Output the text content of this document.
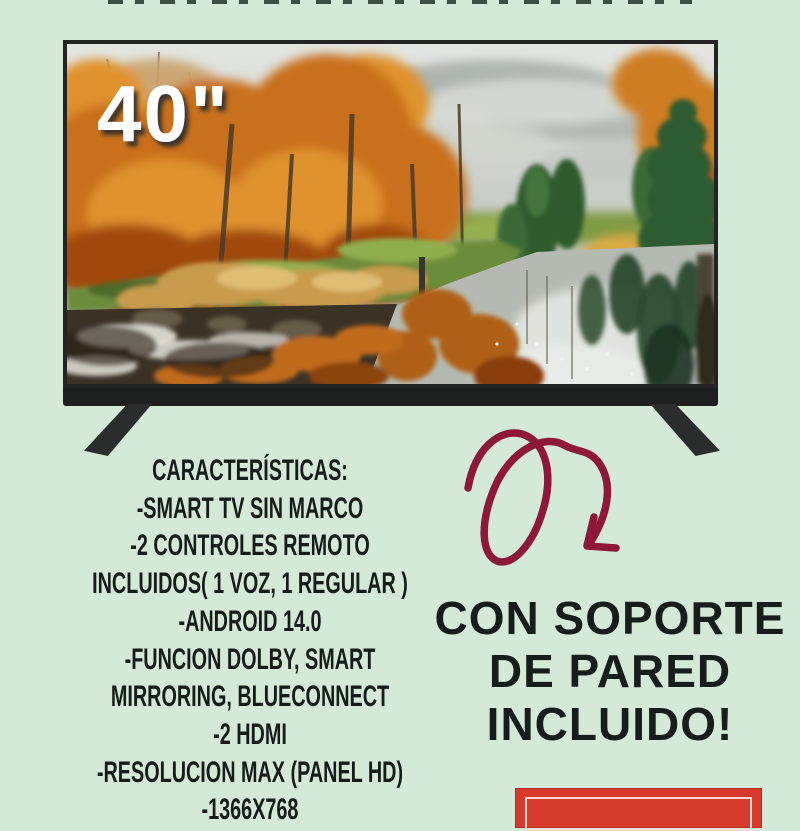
40"
CARACTERÍSTICAS:
-SMART TV SIN MARCO
-2 CONTROLES REMOTO
INCLUIDOS( 1 VOZ, 1 REGULAR )
-ANDROID 14.0
-FUNCION DOLBY, SMART
MIRRORING, BLUECONNECT
-2 HDMI
-RESOLUCION MAX (PANEL HD)
-1366X768
CON SOPORTE DE PARED INCLUIDO!
